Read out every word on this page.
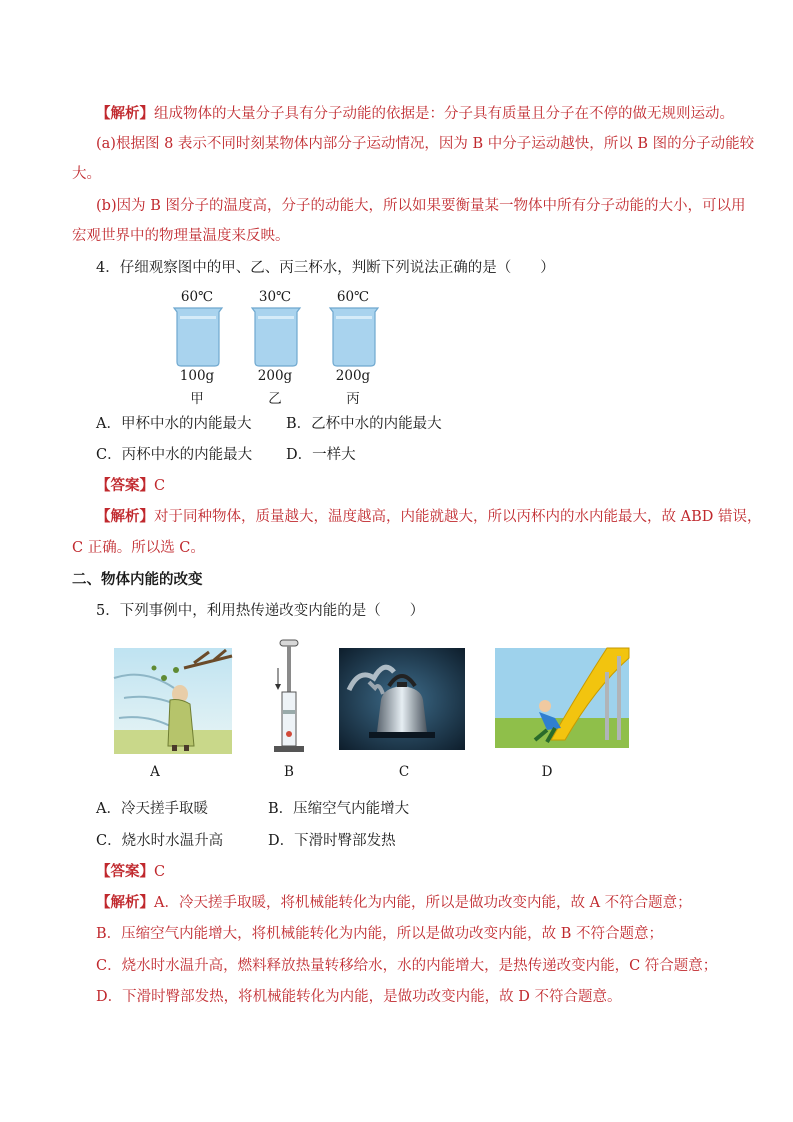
【解析】组成物体的大量分子具有分子动能的依据是：分子具有质量且分子在不停的做无规则运动。
(a)根据图 8 表示不同时刻某物体内部分子运动情况，因为 B 中分子运动越快，所以 B 图的分子动能较
大。
(b)因为 B 图分子的温度高，分子的动能大，所以如果要衡量某一物体中所有分子动能的大小，可以用
宏观世界中的物理量温度来反映。
4．仔细观察图中的甲、乙、丙三杯水，判断下列说法正确的是（　　）
60℃	30℃	60℃
100g	200g	200g
甲	乙	丙
A．甲杯中水的内能最大 B．乙杯中水的内能最大
C．丙杯中水的内能最大 D．一样大
【答案】C
【解析】对于同种物体，质量越大，温度越高，内能就越大，所以丙杯内的水内能最大，故 ABD 错误，
C 正确。所以选 C。
二、物体内能的改变
5．下列事例中，利用热传递改变内能的是（　　）
A	B	C	D
A．冷天搓手取暖	B．压缩空气内能增大
C．烧水时水温升高	D．下滑时臀部发热
【答案】C
【解析】A．冷天搓手取暖，将机械能转化为内能，所以是做功改变内能，故 A 不符合题意；
B．压缩空气内能增大，将机械能转化为内能，所以是做功改变内能，故 B 不符合题意；
C．烧水时水温升高，燃料释放热量转移给水，水的内能增大，是热传递改变内能，C 符合题意；
D．下滑时臀部发热，将机械能转化为内能，是做功改变内能，故 D 不符合题意。
